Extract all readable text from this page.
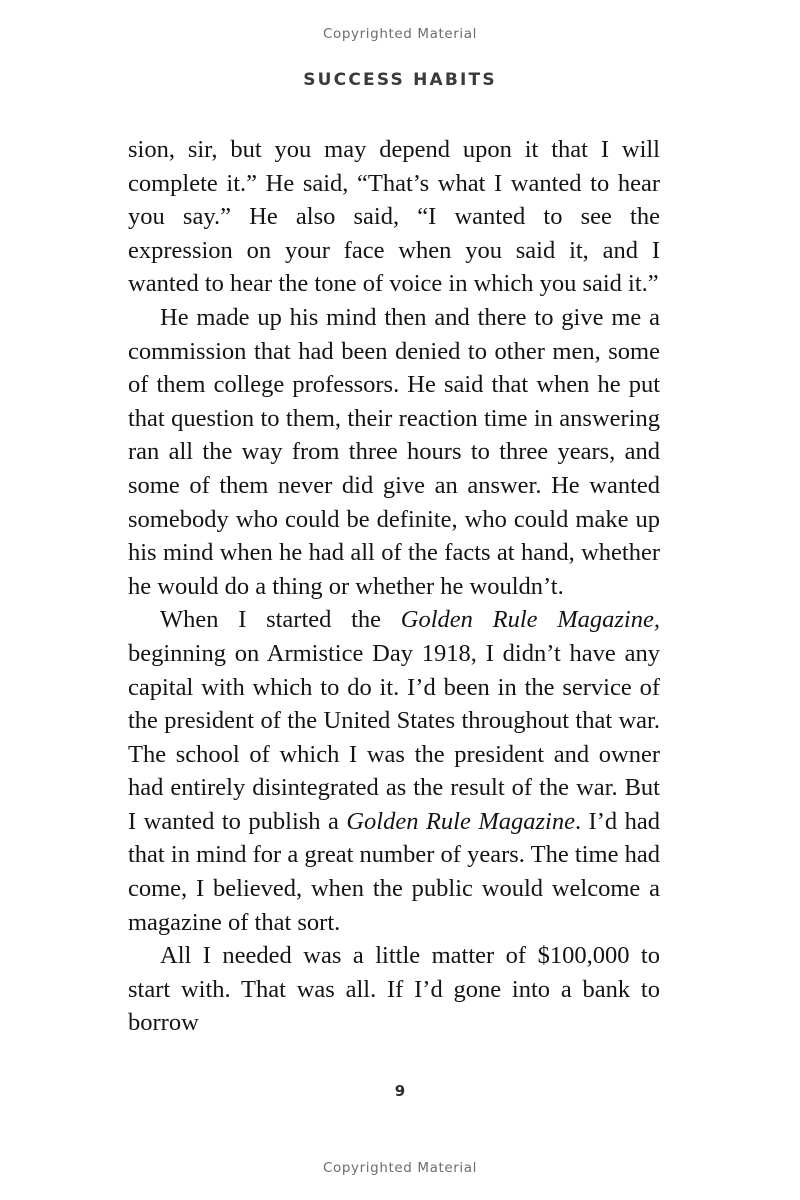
Copyrighted Material
SUCCESS HABITS

sion, sir, but you may depend upon it that I will complete it.” He said, “That’s what I wanted to hear you say.” He also said, “I wanted to see the expression on your face when you said it, and I wanted to hear the tone of voice in which you said it.”

He made up his mind then and there to give me a commission that had been denied to other men, some of them college professors. He said that when he put that question to them, their reaction time in answering ran all the way from three hours to three years, and some of them never did give an answer. He wanted somebody who could be definite, who could make up his mind when he had all of the facts at hand, whether he would do a thing or whether he wouldn’t.

When I started the Golden Rule Magazine, beginning on Armistice Day 1918, I didn’t have any capital with which to do it. I’d been in the service of the president of the United States throughout that war. The school of which I was the president and owner had entirely disintegrated as the result of the war. But I wanted to publish a Golden Rule Magazine. I’d had that in mind for a great number of years. The time had come, I believed, when the public would welcome a magazine of that sort.

All I needed was a little matter of $100,000 to start with. That was all. If I’d gone into a bank to borrow

9
Copyrighted Material
